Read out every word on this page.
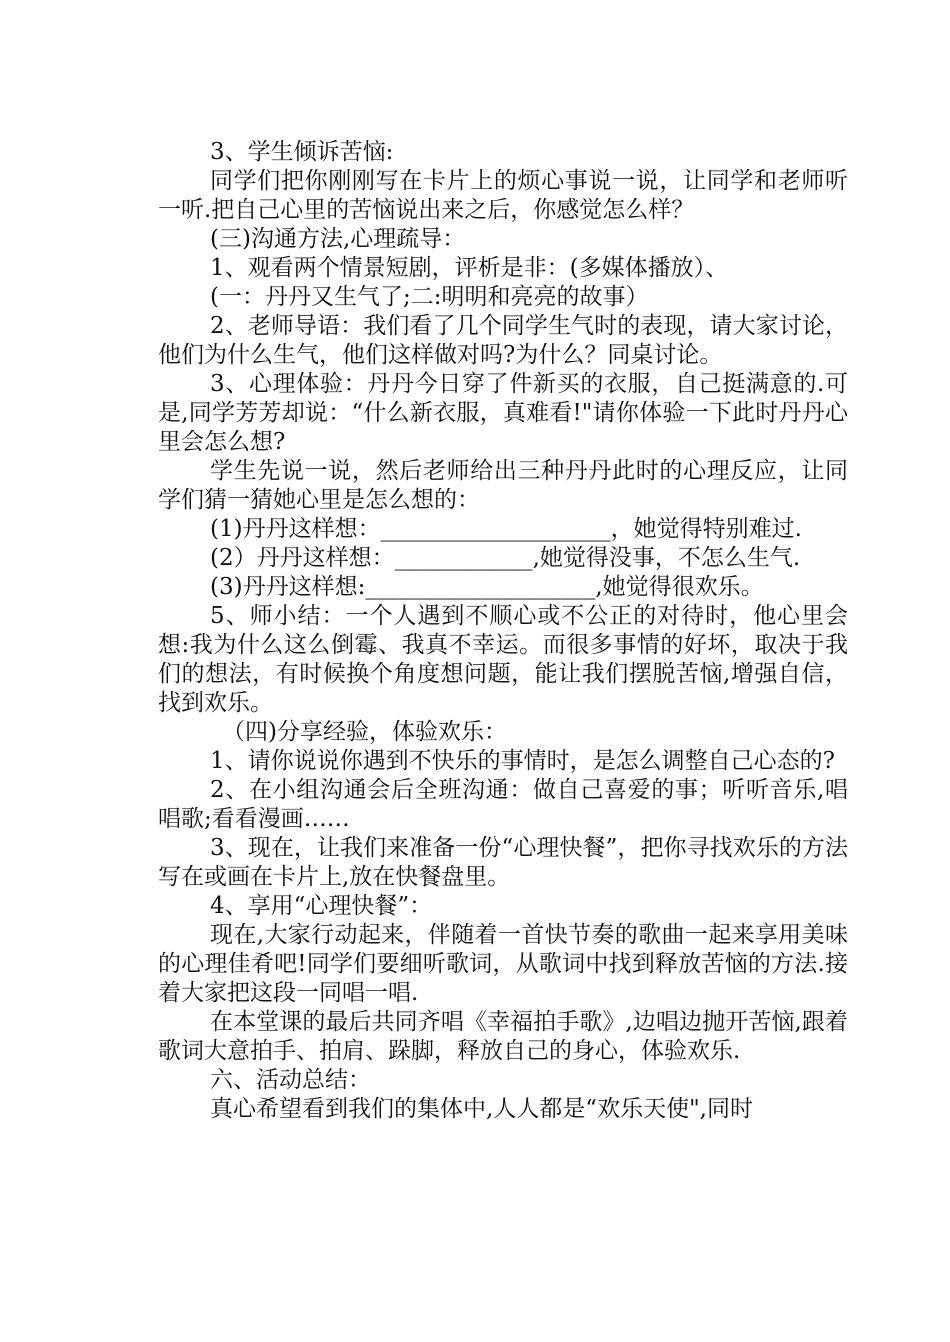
3、学生倾诉苦恼:

同学们把你刚刚写在卡片上的烦心事说一说，让同学和老师听一听.把自己心里的苦恼说出来之后，你感觉怎么样？

(三)沟通方法,心理疏导：

1、观看两个情景短剧，评析是非：(多媒体播放）、

(一：丹丹又生气了;二:明明和亮亮的故事）

2、老师导语：我们看了几个同学生气时的表现，请大家讨论，他们为什么生气，他们这样做对吗?为什么？同桌讨论。

3、心理体验：丹丹今日穿了件新买的衣服，自己挺满意的.可是,同学芳芳却说：“什么新衣服，真难看!"请你体验一下此时丹丹心里会怎么想?

学生先说一说，然后老师给出三种丹丹此时的心理反应，让同学们猜一猜她心里是怎么想的：

(1)丹丹这样想：____________________，她觉得特别难过.

(2）丹丹这样想：____________,她觉得没事，不怎么生气.

(3)丹丹这样想:____________________,她觉得很欢乐。

5、师小结：一个人遇到不顺心或不公正的对待时，他心里会想:我为什么这么倒霉、我真不幸运。而很多事情的好坏，取决于我们的想法，有时候换个角度想问题，能让我们摆脱苦恼,增强自信，找到欢乐。

（四)分享经验，体验欢乐：

1、请你说说你遇到不快乐的事情时，是怎么调整自己心态的?

2、在小组沟通会后全班沟通：做自己喜爱的事；听听音乐,唱唱歌;看看漫画……

3、现在，让我们来准备一份“心理快餐”，把你寻找欢乐的方法写在或画在卡片上,放在快餐盘里。

4、享用“心理快餐”：

现在,大家行动起来，伴随着一首快节奏的歌曲一起来享用美味的心理佳肴吧!同学们要细听歌词，从歌词中找到释放苦恼的方法.接着大家把这段一同唱一唱.

在本堂课的最后共同齐唱《幸福拍手歌》,边唱边抛开苦恼,跟着歌词大意拍手、拍肩、跺脚，释放自己的身心，体验欢乐.

六、活动总结：

真心希望看到我们的集体中,人人都是“欢乐天使",同时
